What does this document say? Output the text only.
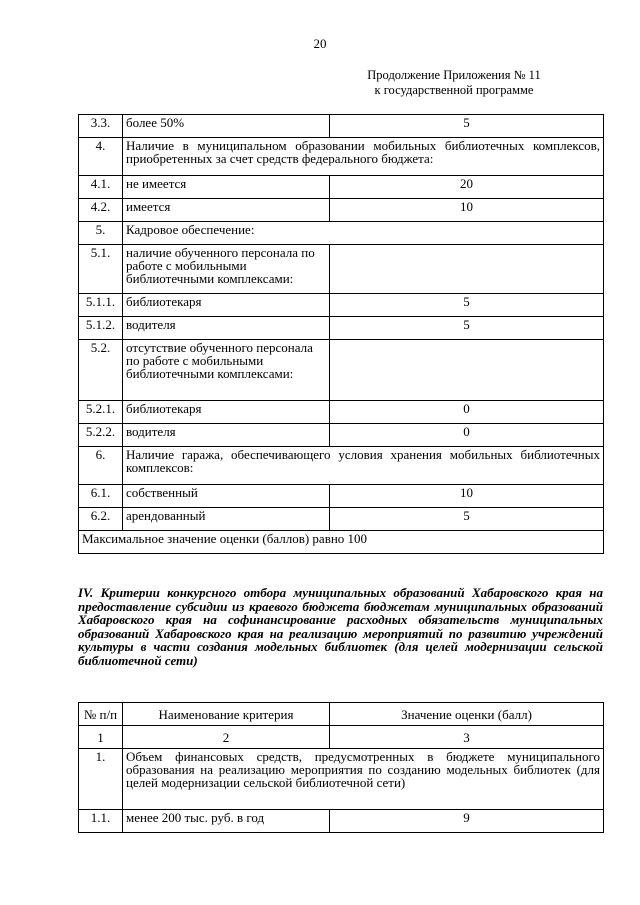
20
Продолжение Приложения № 11
к государственной программе
3.3.	более 50%	5
4.	Наличие в муниципальном образовании мобильных библиотечных комплексов, приобретенных за счет средств федерального бюджета:	
4.1.	не имеется	20
4.2.	имеется	10
5.	Кадровое обеспечение:	
5.1.	наличие обученного персонала по работе с мобильными библиотечными комплексами:	
5.1.1.	библиотекаря	5
5.1.2.	водителя	5
5.2.	отсутствие обученного персонала по работе с мобильными библиотечными комплексами:	
5.2.1.	библиотекаря	0
5.2.2.	водителя	0
6.	Наличие гаража, обеспечивающего условия хранения мобильных библиотечных комплексов:	
6.1.	собственный	10
6.2.	арендованный	5
Максимальное значение оценки (баллов) равно 100		
IV. Критерии конкурсного отбора муниципальных образований Хабаровского края на предоставление субсидии из краевого бюджета бюджетам муниципальных образований Хабаровского края на софинансирование расходных обязательств муниципальных образований Хабаровского края на реализацию мероприятий по развитию учреждений культуры в части создания модельных библиотек (для целей модернизации сельской библиотечной сети)
№ п/п	Наименование критерия	Значение оценки (балл)
1	2	3
1.	Объем финансовых средств, предусмотренных в бюджете муниципального образования на реализацию мероприятия по созданию модельных библиотек (для целей модернизации сельской библиотечной сети)	
1.1.	менее 200 тыс. руб. в год	9
